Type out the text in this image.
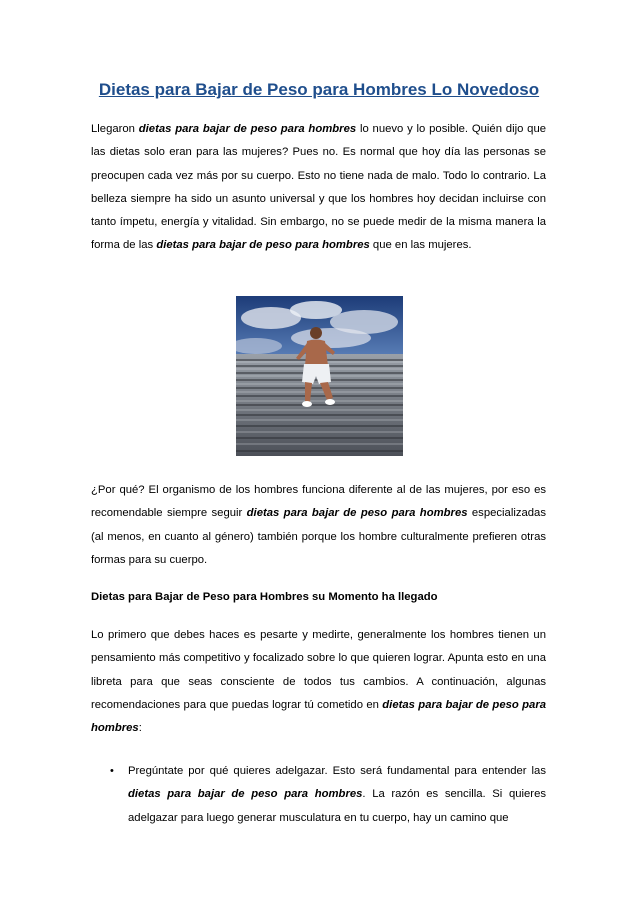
Dietas para Bajar de Peso para Hombres Lo Novedoso
Llegaron dietas para bajar de peso para hombres lo nuevo y lo posible. Quién dijo que las dietas solo eran para las mujeres? Pues no. Es normal que hoy día las personas se preocupen cada vez más por su cuerpo. Esto no tiene nada de malo. Todo lo contrario. La belleza siempre ha sido un asunto universal y que los hombres hoy decidan incluirse con tanto ímpetu, energía y vitalidad. Sin embargo, no se puede medir de la misma manera la forma de las dietas para bajar de peso para hombres que en las mujeres.
¿Por qué? El organismo de los hombres funciona diferente al de las mujeres, por eso es recomendable siempre seguir dietas para bajar de peso para hombres especializadas (al menos, en cuanto al género) también porque los hombre culturalmente prefieren otras formas para su cuerpo.
Dietas para Bajar de Peso para Hombres su Momento ha llegado
Lo primero que debes haces es pesarte y medirte, generalmente los hombres tienen un pensamiento más competitivo y focalizado sobre lo que quieren lograr. Apunta esto en una libreta para que seas consciente de todos tus cambios. A continuación, algunas recomendaciones para que puedas lograr tú cometido en dietas para bajar de peso para hombres:
• Pregúntate por qué quieres adelgazar. Esto será fundamental para entender las dietas para bajar de peso para hombres. La razón es sencilla. Si quieres adelgazar para luego generar musculatura en tu cuerpo, hay un camino que
